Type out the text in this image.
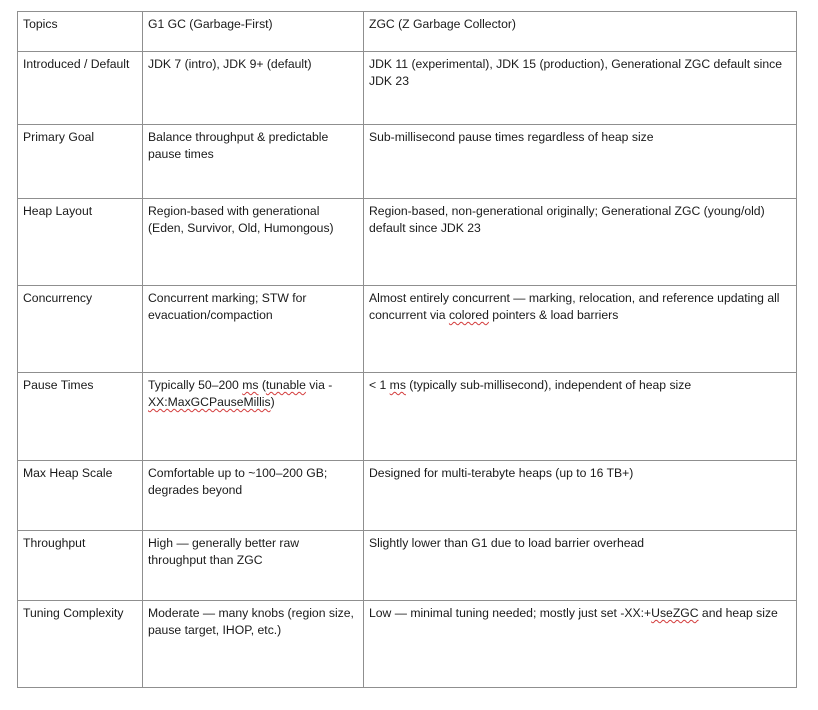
Topics	G1 GC (Garbage-First)	ZGC (Z Garbage Collector)
Introduced / Default	JDK 7 (intro), JDK 9+ (default)	JDK 11 (experimental), JDK 15 (production), Generational ZGC default since JDK 23
Primary Goal	Balance throughput & predictable pause times	Sub-millisecond pause times regardless of heap size
Heap Layout	Region-based with generational (Eden, Survivor, Old, Humongous)	Region-based, non-generational originally; Generational ZGC (young/old) default since JDK 23
Concurrency	Concurrent marking; STW for evacuation/compaction	Almost entirely concurrent — marking, relocation, and reference updating all concurrent via colored pointers & load barriers
Pause Times	Typically 50–200 ms (tunable via -XX:MaxGCPauseMillis)	< 1 ms (typically sub-millisecond), independent of heap size
Max Heap Scale	Comfortable up to ~100–200 GB; degrades beyond	Designed for multi-terabyte heaps (up to 16 TB+)
Throughput	High — generally better raw throughput than ZGC	Slightly lower than G1 due to load barrier overhead
Tuning Complexity	Moderate — many knobs (region size, pause target, IHOP, etc.)	Low — minimal tuning needed; mostly just set -XX:+UseZGC and heap size
